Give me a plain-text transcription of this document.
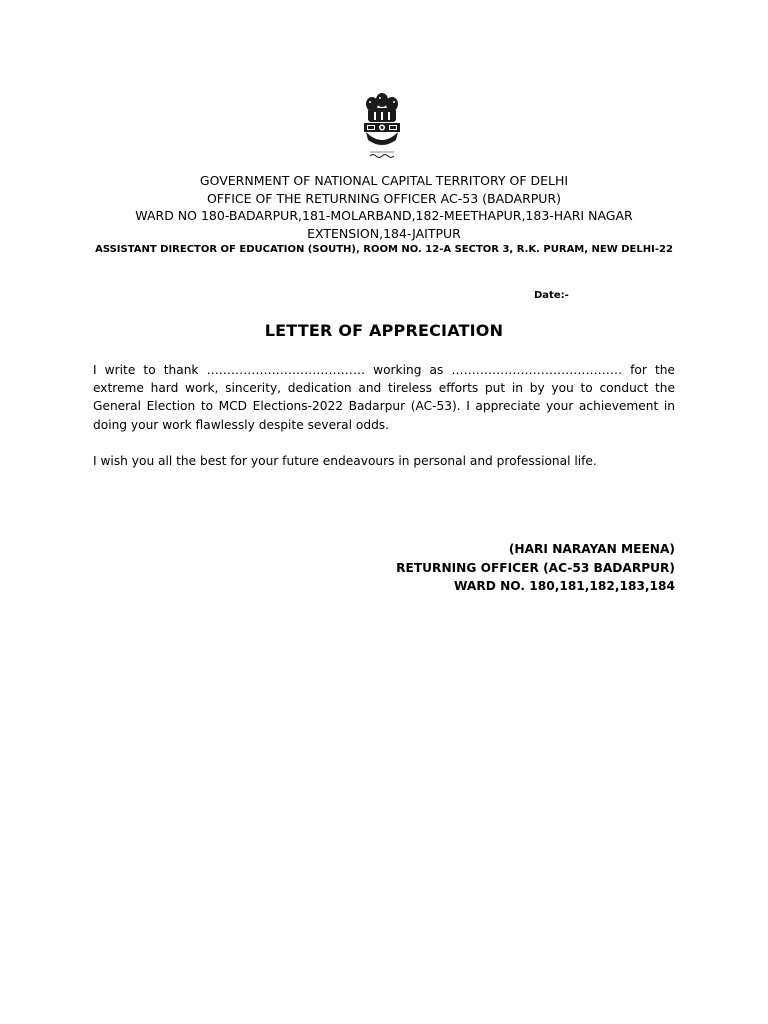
GOVERNMENT OF NATIONAL CAPITAL TERRITORY OF DELHI
OFFICE OF THE RETURNING OFFICER AC-53 (BADARPUR)
WARD NO 180-BADARPUR,181-MOLARBAND,182-MEETHAPUR,183-HARI NAGAR
EXTENSION,184-JAITPUR
ASSISTANT DIRECTOR OF EDUCATION (SOUTH), ROOM NO. 12-A SECTOR 3, R.K. PURAM, NEW DELHI-22
Date:-
LETTER OF APPRECIATION

I write to thank ………………………………… working as …………………………………… for the extreme hard work, sincerity, dedication and tireless efforts put in by you to conduct the General Election to MCD Elections-2022 Badarpur (AC-53). I appreciate your achievement in doing your work flawlessly despite several odds.

I wish you all the best for your future endeavours in personal and professional life.
(HARI NARAYAN MEENA)
RETURNING OFFICER (AC-53 BADARPUR)
WARD NO. 180,181,182,183,184
